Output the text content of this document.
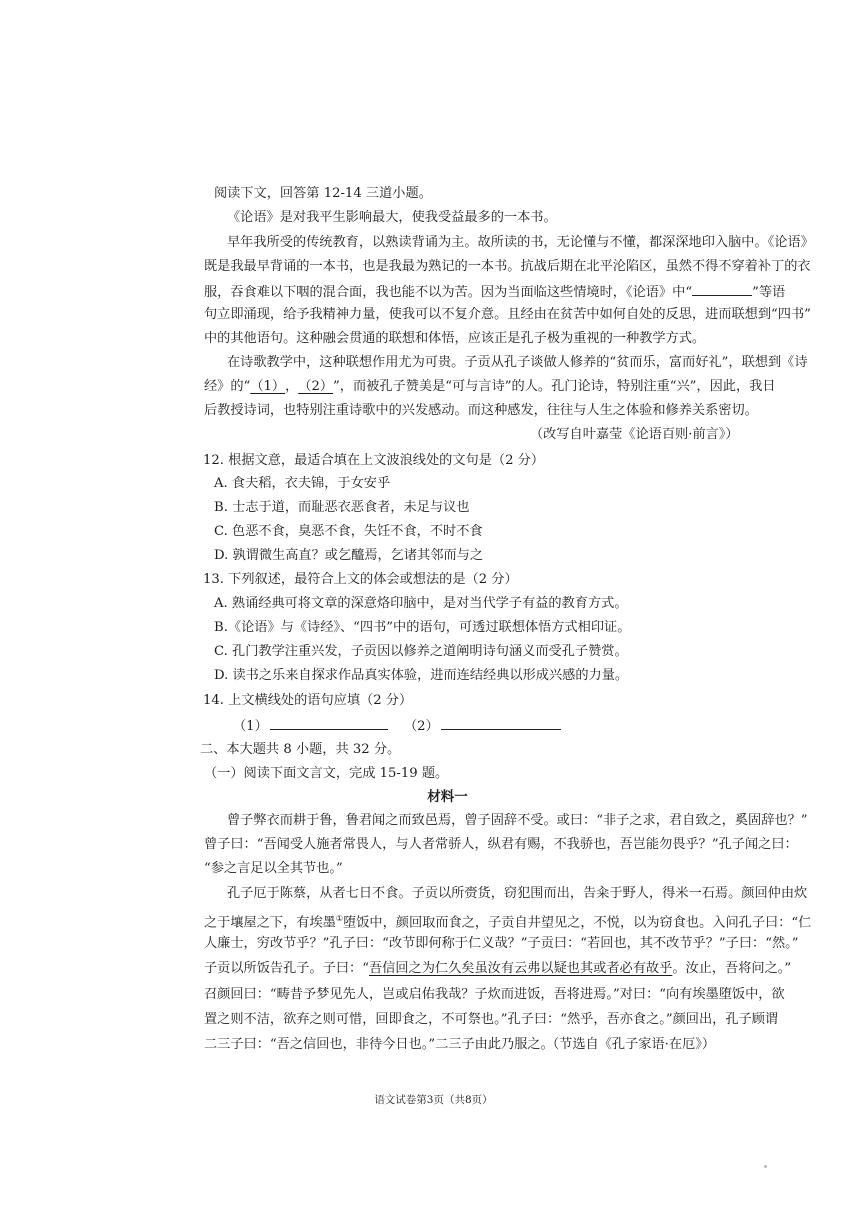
阅读下文，回答第 12-14 三道小题。
《论语》是对我平生影响最大，使我受益最多的一本书。
早年我所受的传统教育，以熟读背诵为主。故所读的书，无论懂与不懂，都深深地印入脑中。《论语》
既是我最早背诵的一本书，也是我最为熟记的一本书。抗战后期在北平沦陷区，虽然不得不穿着补丁的衣
服，吞食难以下咽的混合面，我也能不以为苦。因为当面临这些情境时，《论语》中“	”等语
句立即涌现，给予我精神力量，使我可以不复介意。且经由在贫苦中如何自处的反思，进而联想到“四书”
中的其他语句。这种融会贯通的联想和体悟，应该正是孔子极为重视的一种教学方式。
在诗歌教学中，这种联想作用尤为可贵。子贡从孔子谈做人修养的“贫而乐，富而好礼”，联想到《诗
经》的“（1），（2）”，而被孔子赞美是“可与言诗”的人。孔门论诗，特别注重“兴”，因此，我日
后教授诗词，也特别注重诗歌中的兴发感动。而这种感发，往往与人生之体验和修养关系密切。
（改写自叶嘉莹《论语百则·前言》）
12. 根据文意，最适合填在上文波浪线处的文句是（2 分）
A. 食夫稻，衣夫锦，于女安乎
B. 士志于道，而耻恶衣恶食者，未足与议也
C. 色恶不食，臭恶不食，失饪不食，不时不食
D. 孰谓微生高直？或乞醯焉，乞诸其邻而与之
13. 下列叙述，最符合上文的体会或想法的是（2 分）
A. 熟诵经典可将文章的深意烙印脑中，是对当代学子有益的教育方式。
B.《论语》与《诗经》、“四书”中的语句，可透过联想体悟方式相印证。
C. 孔门教学注重兴发，子贡因以修养之道阐明诗句涵义而受孔子赞赏。
D. 读书之乐来自探求作品真实体验，进而连结经典以形成兴感的力量。
14. 上文横线处的语句应填（2 分）
（1）	（2）
二、本大题共 8 小题，共 32 分。
（一）阅读下面文言文，完成 15-19 题。
材料一
曾子弊衣而耕于鲁，鲁君闻之而致邑焉，曾子固辞不受。或曰：“非子之求，君自致之，奚固辞也？”
曾子曰：“吾闻受人施者常畏人，与人者常骄人，纵君有赐，不我骄也，吾岂能勿畏乎？”孔子闻之曰：
“参之言足以全其节也。”
孔子厄于陈蔡，从者七日不食。子贡以所赍货，窃犯围而出，告籴于野人，得米一石焉。颜回仲由炊
之于壤屋之下，有埃墨①堕饭中，颜回取而食之，子贡自井望见之，不悦，以为窃食也。入问孔子曰：“仁
人廉士，穷改节乎？”孔子曰：“改节即何称于仁义哉？”子贡曰：“若回也，其不改节乎？”子曰：“然。”
子贡以所饭告孔子。子曰：“吾信回之为仁久矣虽汝有云弗以疑也其或者必有故乎。汝止，吾将问之。”
召颜回曰：“畴昔予梦见先人，岂或启佑我哉？子炊而进饭，吾将进焉。”对曰：“向有埃墨堕饭中，欲
置之则不洁，欲弃之则可惜，回即食之，不可祭也。”孔子曰：“然乎，吾亦食之。”颜回出，孔子顾谓
二三子曰：“吾之信回也，非待今日也。”二三子由此乃服之。
（节选自《孔子家语·在厄》）
语文试卷第3页（共8页）
